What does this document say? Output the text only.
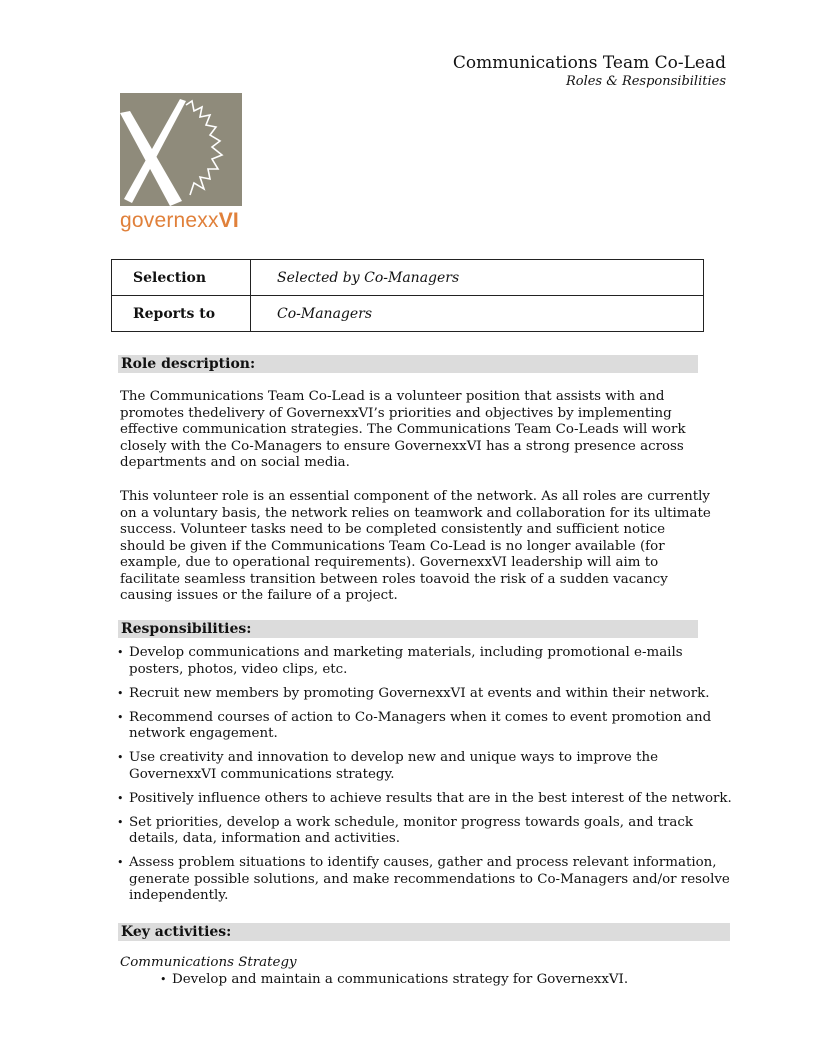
Communications Team Co-Lead

Roles & Responsibilities

governexxVI
Selection	Selected by Co-Managers
Reports to	Co-Managers
Role description:

The Communications Team Co-Lead is a volunteer position that assists with and promotes thedelivery of GovernexxVI’s priorities and objectives by implementing effective communication strategies. The Communications Team Co-Leads will work closely with the Co-Managers to ensure GovernexxVI has a strong presence across departments and on social media.

This volunteer role is an essential component of the network. As all roles are currently on a voluntary basis, the network relies on teamwork and collaboration for its ultimate success. Volunteer tasks need to be completed consistently and sufficient notice should be given if the Communications Team Co-Lead is no longer available (for example, due to operational requirements). GovernexxVI leadership will aim to facilitate seamless transition between roles toavoid the risk of a sudden vacancy causing issues or the failure of a project.

Responsibilities:
• Develop communications and marketing materials, including promotional e-mails posters, photos, video clips, etc.
• Recruit new members by promoting GovernexxVI at events and within their network.
• Recommend courses of action to Co-Managers when it comes to event promotion and network engagement.
• Use creativity and innovation to develop new and unique ways to improve the GovernexxVI communications strategy.
• Positively influence others to achieve results that are in the best interest of the network.
• Set priorities, develop a work schedule, monitor progress towards goals, and track details, data, information and activities.
• Assess problem situations to identify causes, gather and process relevant information, generate possible solutions, and make recommendations to Co-Managers and/or resolve independently.
Key activities:
Communications Strategy
• Develop and maintain a communications strategy for GovernexxVI.
